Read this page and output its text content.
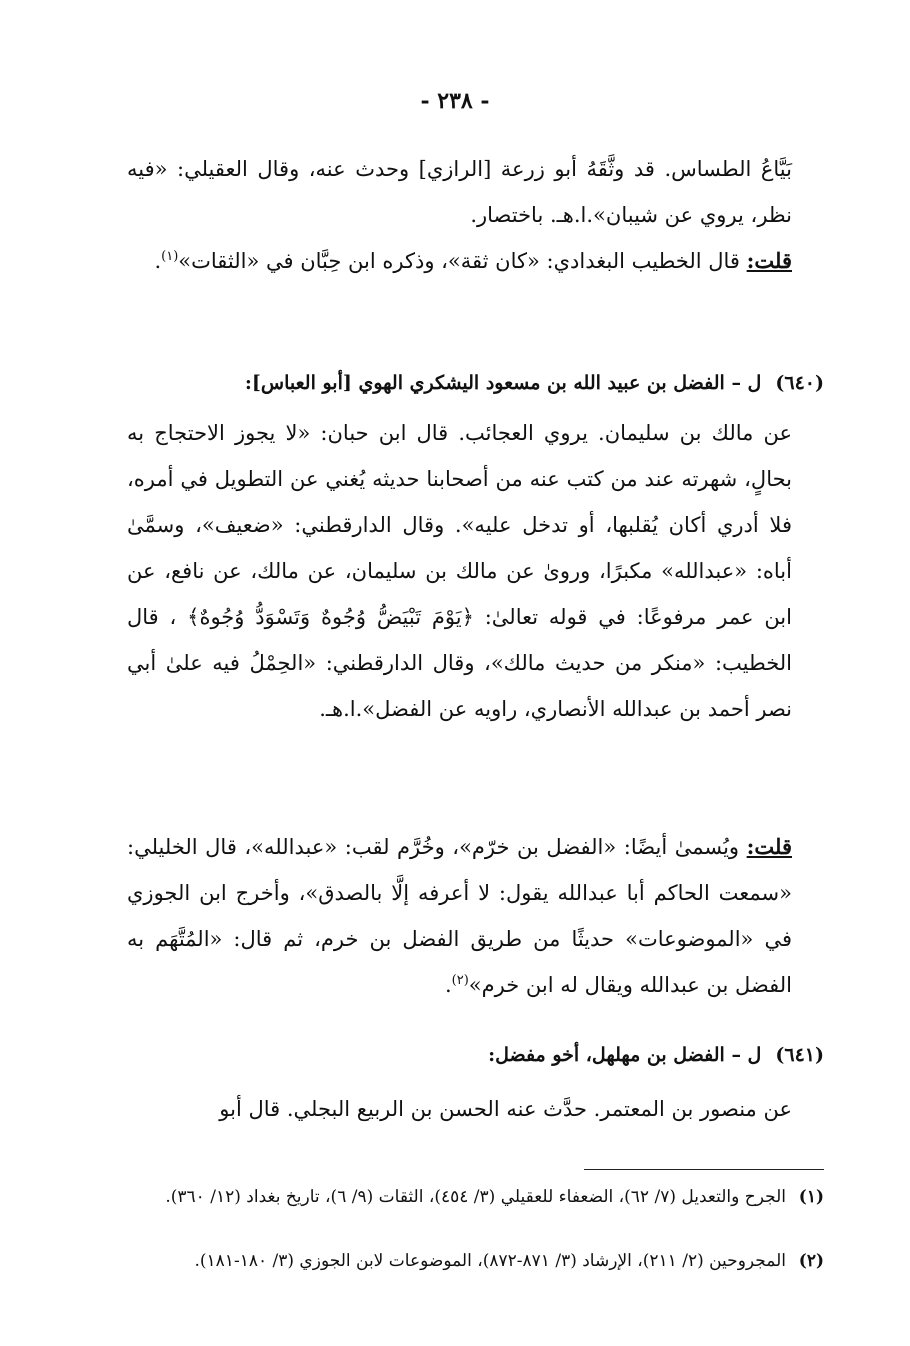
- ٢٣٨ -
بَيَّاعُ الطساس. قد وثَّقَهُ أبو زرعة [الرازي] وحدث عنه، وقال العقيلي: «فيه نظر، يروي عن شيبان».ا.هـ. باختصار.
قلت: قال الخطيب البغدادي: «كان ثقة»، وذكره ابن حِبَّان في «الثقات»$^{(١)}$.
(٦٤٠)ل – الفضل بن عبيد الله بن مسعود اليشكري الهوي [أبو العباس]:
عن مالك بن سليمان. يروي العجائب. قال ابن حبان: «لا يجوز الاحتجاج به بحالٍ، شهرته عند من كتب عنه من أصحابنا حديثه يُغني عن التطويل في أمره، فلا أدري أكان يُقلبها، أو تدخل عليه». وقال الدارقطني: «ضعيف»، وسمَّىٰ أباه: «عبدالله» مكبرًا، وروىٰ عن مالك بن سليمان، عن مالك، عن نافع، عن ابن عمر مرفوعًا: في قوله تعالىٰ: ﴿يَوْمَ تَبْيَضُّ وُجُوهٌ وَتَسْوَدُّ وُجُوهٌ﴾ ، قال الخطيب: «منكر من حديث مالك»، وقال الدارقطني: «الحِمْلُ فيه علىٰ أبي نصر أحمد بن عبدالله الأنصاري، راويه عن الفضل».ا.هـ.
قلت: ويُسمىٰ أيضًا: «الفضل بن خرّم»، وخُرَّم لقب: «عبدالله»، قال الخليلي: «سمعت الحاكم أبا عبدالله يقول: لا أعرفه إلَّا بالصدق»، وأخرج ابن الجوزي في «الموضوعات» حديثًا من طريق الفضل بن خرم، ثم قال: «المُتَّهَم به الفضل بن عبدالله ويقال له ابن خرم»$^{(٢)}$.
(٦٤١)ل – الفضل بن مهلهل، أخو مفضل:
عن منصور بن المعتمر. حدَّث عنه الحسن بن الربيع البجلي. قال أبو
(١)
الجرح والتعديل (٧/ ٦٢)، الضعفاء للعقيلي (٣/ ٤٥٤)، الثقات (٩/ ٦)، تاريخ بغداد (١٢/ ٣٦٠).
(٢)
المجروحين (٢/ ٢١١)، الإرشاد (٣/ ٨٧١-٨٧٢)، الموضوعات لابن الجوزي (٣/ ١٨٠-١٨١).
